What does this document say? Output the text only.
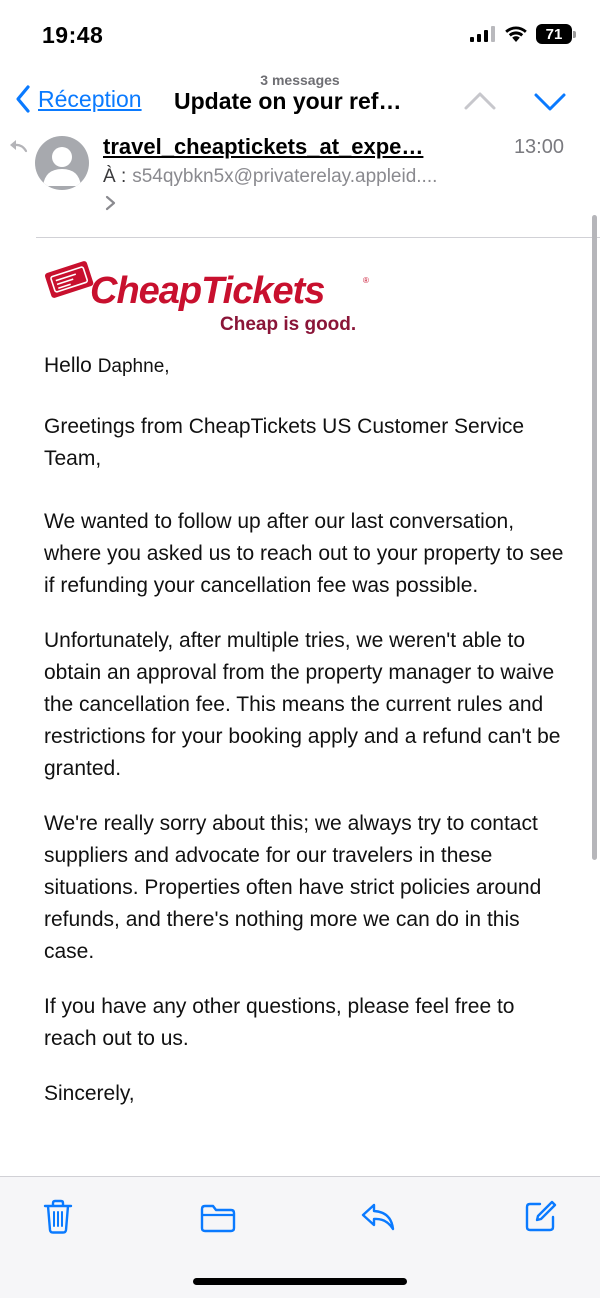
19:48	71
3 messages
Réception Update on your ref…
travel_cheaptickets_at_expe…	13:00
À : s54qybkn5x@privaterelay.appleid....
CheapTickets	®
Cheap is good.

Hello Daphne,

Greetings from CheapTickets US Customer Service Team,

We wanted to follow up after our last conversation, where you asked us to reach out to your property to see if refunding your cancellation fee was possible.

Unfortunately, after multiple tries, we weren't able to obtain an approval from the property manager to waive the cancellation fee. This means the current rules and restrictions for your booking apply and a refund can't be granted.

We're really sorry about this; we always try to contact suppliers and advocate for our travelers in these situations. Properties often have strict policies around refunds, and there's nothing more we can do in this case.

If you have any other questions, please feel free to reach out to us.

Sincerely,
